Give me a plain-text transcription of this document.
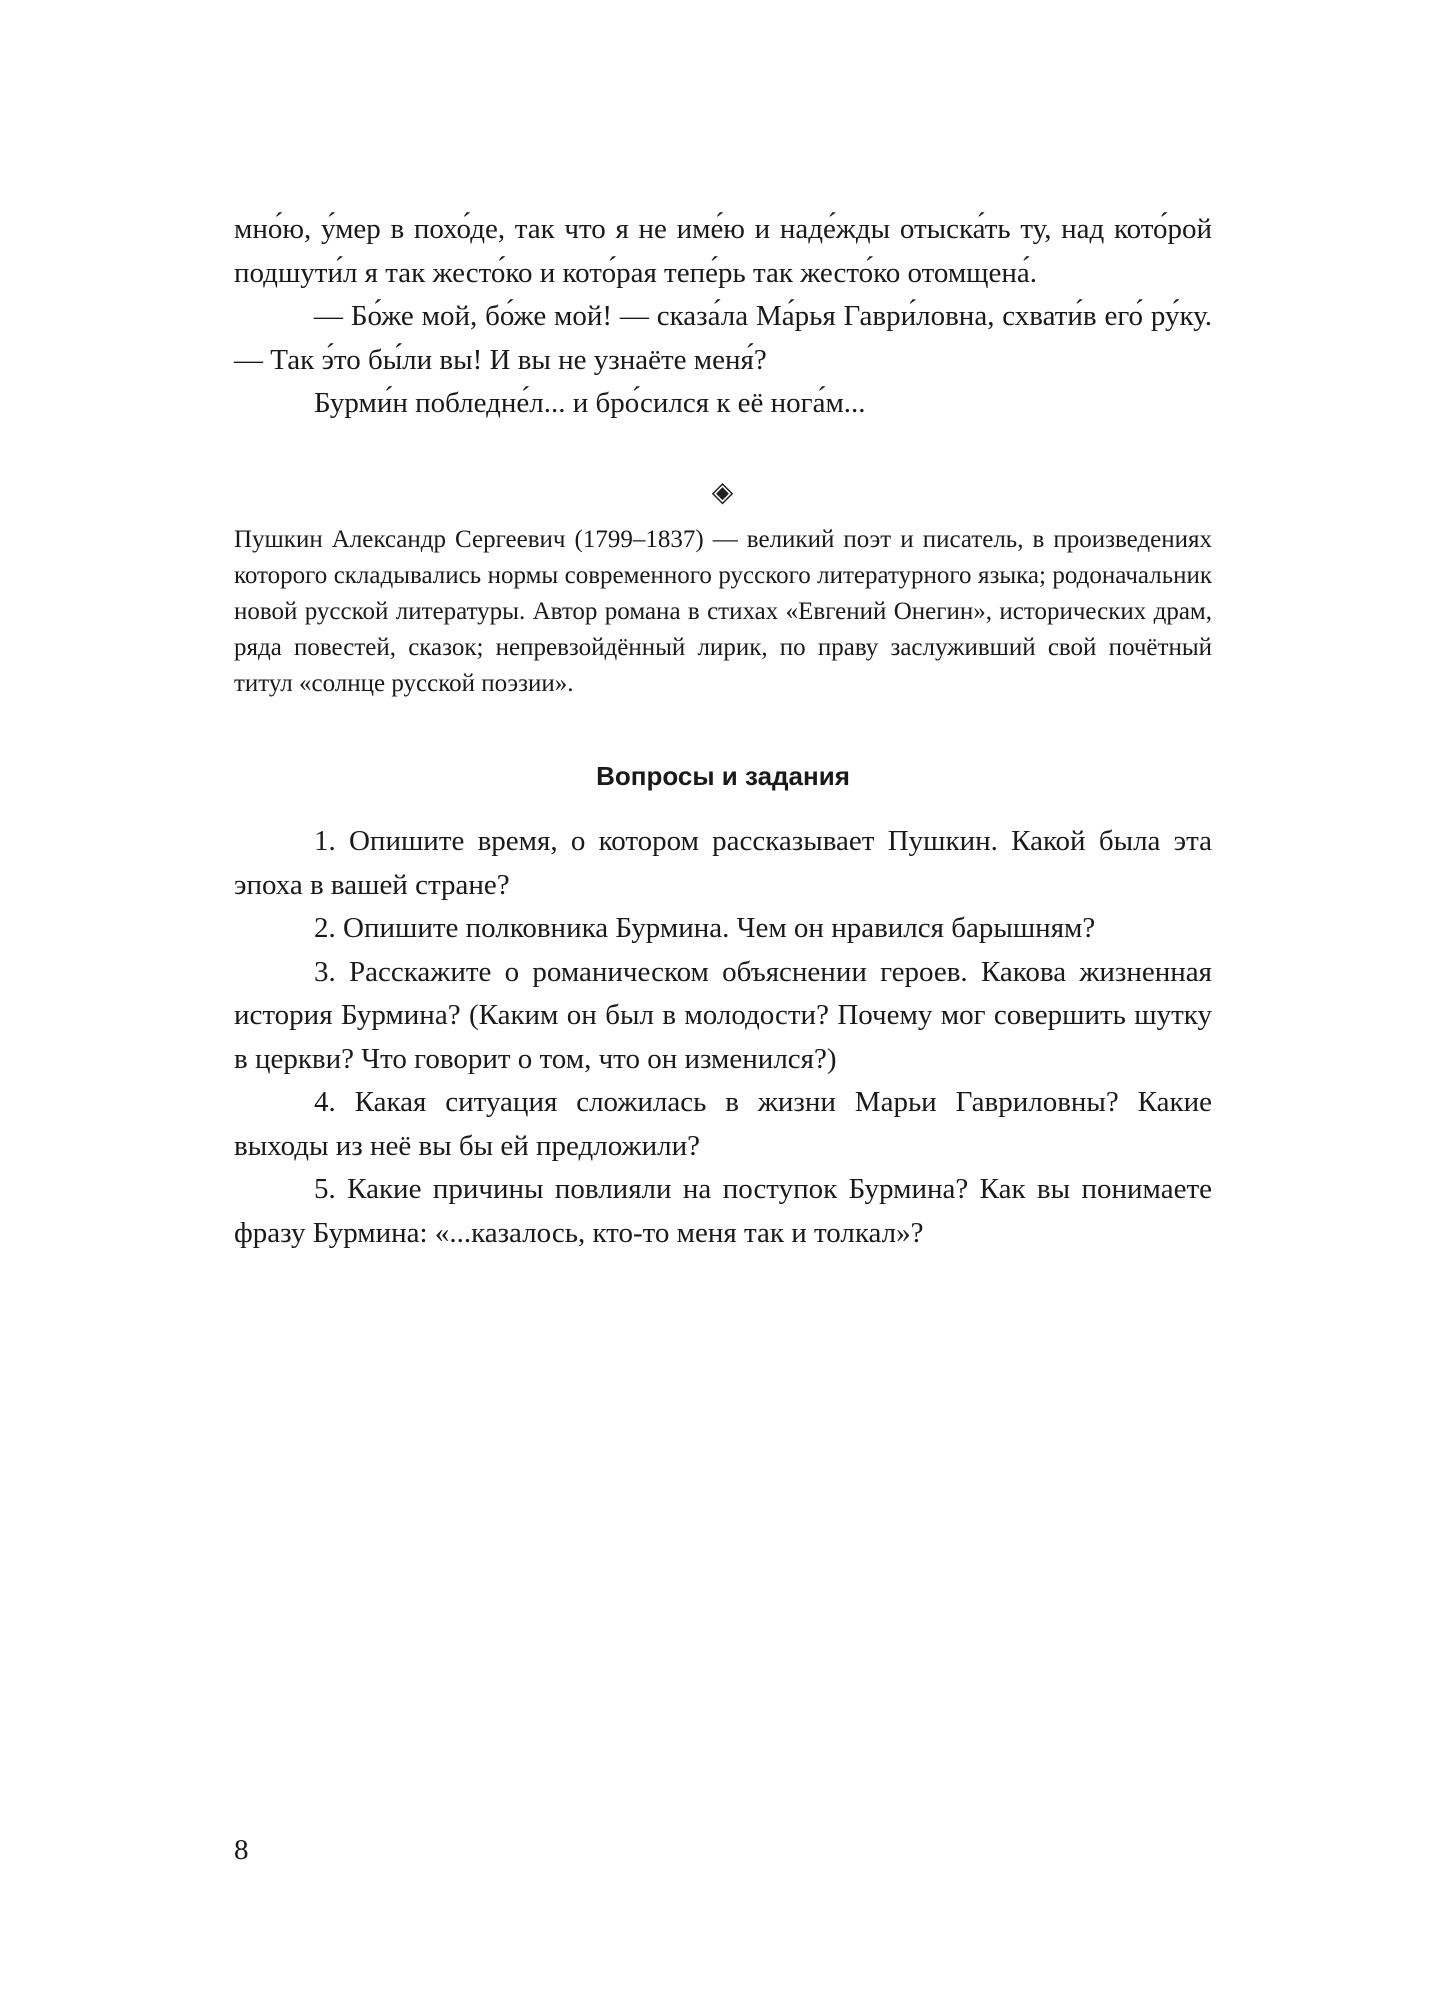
мно́ю, у́мер в похо́де, так что я не име́ю и наде́жды отыска́ть ту, над кото́рой подшути́л я так жесто́ко и кото́рая тепе́рь так жесто́ко отомщена́.

— Бо́же мой, бо́же мой! — сказа́ла Ма́рья Гаври́ловна, схвати́в его́ ру́ку. — Так э́то бы́ли вы! И вы не узнаёте меня́?

Бурми́н побледне́л... и бро́сился к её нога́м...

◈

Пушкин Александр Сергеевич (1799–1837) — великий поэт и писатель, в произведениях которого складывались нормы современного русского литературного языка; родоначальник новой русской литературы. Автор романа в стихах «Евгений Онегин», исторических драм, ряда повестей, сказок; непревзойдённый лирик, по праву заслуживший свой почётный титул «солнце русской поэзии».

Вопросы и задания
1. Опишите время, о котором рассказывает Пушкин. Какой была эта эпоха в вашей стране?
2. Опишите полковника Бурмина. Чем он нравился барышням?
3. Расскажите о романическом объяснении героев. Какова жизненная история Бурмина? (Каким он был в молодости? Почему мог совершить шутку в церкви? Что говорит о том, что он изменился?)
4. Какая ситуация сложилась в жизни Марьи Гавриловны? Какие выходы из неё вы бы ей предложили?
5. Какие причины повлияли на поступок Бурмина? Как вы понимаете фразу Бурмина: «...казалось, кто-то меня так и толкал»?
8
